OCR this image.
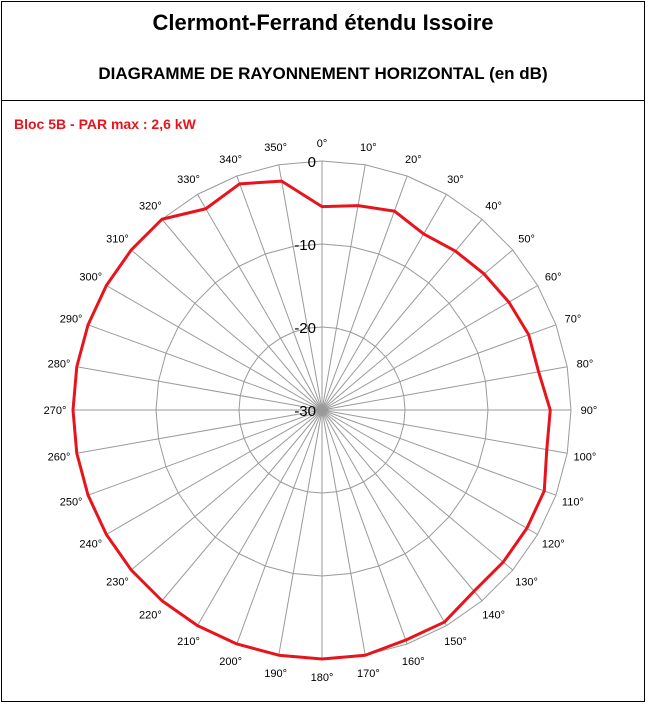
Clermont-Ferrand étendu Issoire
DIAGRAMME DE RAYONNEMENT HORIZONTAL (en dB)
Bloc 5B - PAR max : 2,6 kW
0°	10°
20°
30°
40°
50°
60°
70°
80°
90°
100°
110°
120°
130°
140°
150°
160°
170°
180°
190°
200°
210°
220°
230°
240°
250°
260°
270°
280°
290°
300°
310°
320°
330°
340°
350°
0
-10
-20
-30
